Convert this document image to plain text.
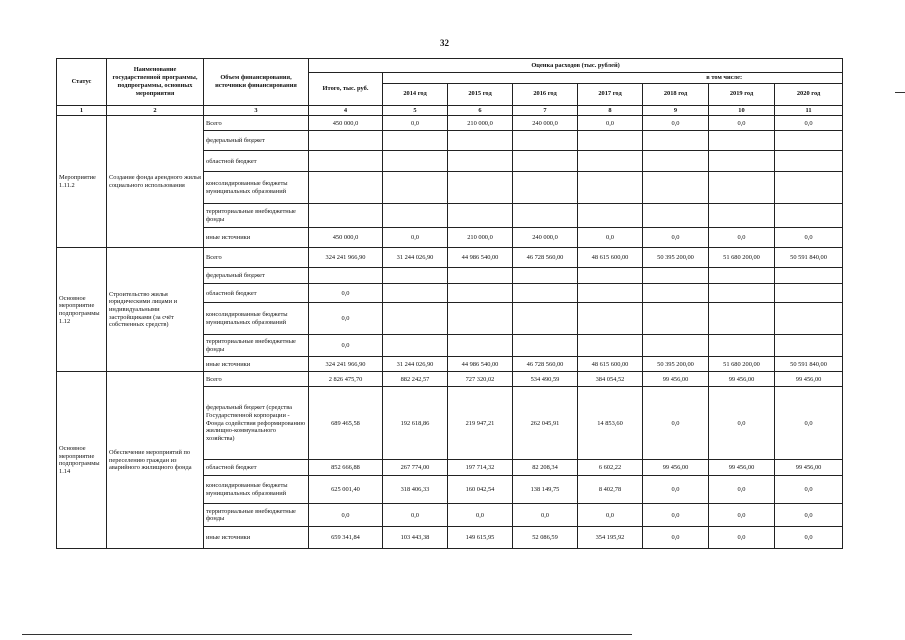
32
Статус	Наименование государственной программы, подпрограммы, основных мероприятия	Объем финансирования, источники финансирования	Оценка расходов (тыс. рублей)							
			Итого, тыс. руб.	в том числе:						
				2014 год	2015 год	2016 год	2017 год	2018 год	2019 год	2020 год
1	2	3	4	5	6	7	8	9	10	11
Мероприятие 1.11.2	Создание фонда арендного жилья социального использования	Всего	450 000,0	0,0	210 000,0	240 000,0	0,0	0,0	0,0	0,0
		федеральный бюджет								
		областной бюджет								
		консолидированные бюджеты муниципальных образований								
		территориальные внебюджетные фонды								
		иные источники	450 000,0	0,0	210 000,0	240 000,0	0,0	0,0	0,0	0,0
Основное мероприятие подпрограммы 1.12	Строительство жилья юридическими лицами и индивидуальными застройщиками (за счёт собственных средств)	Всего	324 241 966,90	31 244 026,90	44 986 540,00	46 728 560,00	48 615 600,00	50 395 200,00	51 680 200,00	50 591 840,00
		федеральный бюджет								
		областной бюджет	0,0							
		консолидированные бюджеты муниципальных образований	0,0							
		территориальные внебюджетные фонды	0,0							
		иные источники	324 241 966,90	31 244 026,90	44 986 540,00	46 728 560,00	48 615 600,00	50 395 200,00	51 680 200,00	50 591 840,00
Основное мероприятие подпрограммы 1.14	Обеспечение мероприятий по переселению граждан из аварийного жилищного фонда	Всего	2 826 475,70	882 242,57	727 320,02	534 490,59	384 054,52	99 456,00	99 456,00	99 456,00
		федеральный бюджет (средства Государственной корпорации - Фонда содействия реформированию жилищно-коммунального хозяйства)	689 465,58	192 618,86	219 947,21	262 045,91	14 853,60	0,0	0,0	0,0
		областной бюджет	852 666,88	267 774,00	197 714,32	82 208,34	6 602,22	99 456,00	99 456,00	99 456,00
		консолидированные бюджеты муниципальных образований	625 001,40	318 406,33	160 042,54	138 149,75	8 402,78	0,0	0,0	0,0
		территориальные внебюджетные фонды	0,0	0,0	0,0	0,0	0,0	0,0	0,0	0,0
		иные источники	659 341,84	103 443,38	149 615,95	52 086,59	354 195,92	0,0	0,0	0,0
